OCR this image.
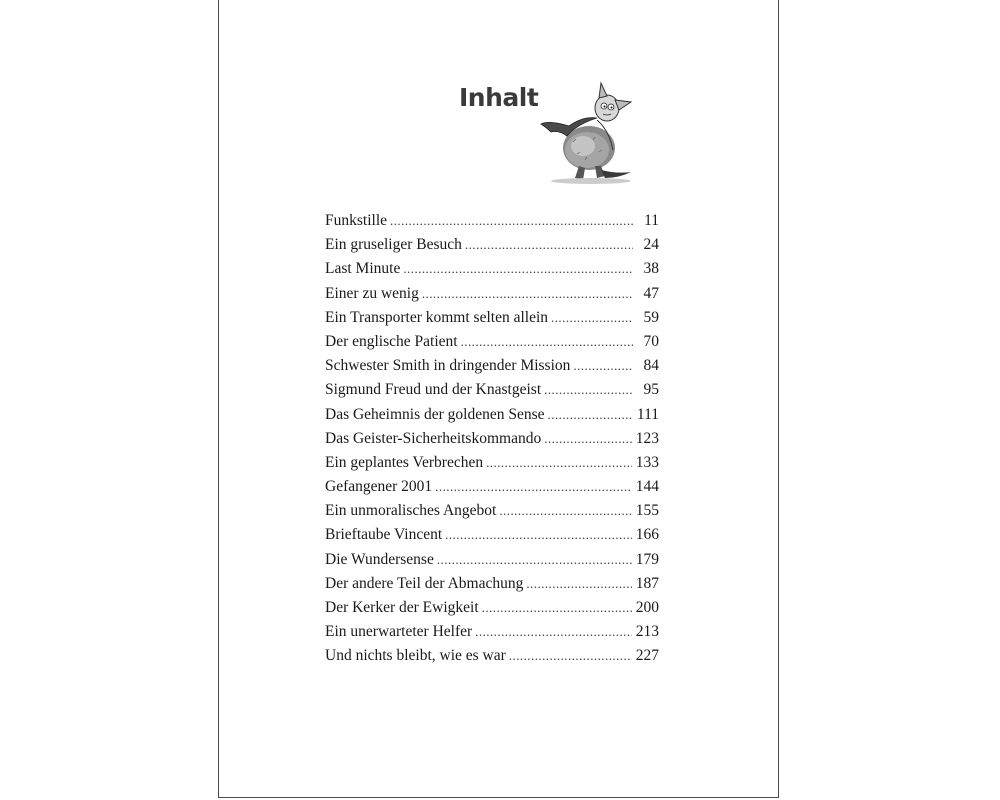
Inhalt
Funkstille . . .	11
Ein gruseliger Besuch . . .	24
Last Minute . . .	38
Einer zu wenig . . .	47
Ein Transporter kommt selten allein . . .	59
Der englische Patient . . .	70
Schwester Smith in dringender Mission . . .	84
Sigmund Freud und der Knastgeist . . .	95
Das Geheimnis der goldenen Sense . . .	111
Das Geister-Sicherheitskommando . . .	123
Ein geplantes Verbrechen . . .	133
Gefangener 2001 . . .	144
Ein unmoralisches Angebot . . .	155
Brieftaube Vincent . . .	166
Die Wundersense . . .	179
Der andere Teil der Abmachung . . .	187
Der Kerker der Ewigkeit . . .	200
Ein unerwarteter Helfer . . .	213
Und nichts bleibt, wie es war . . .	227
